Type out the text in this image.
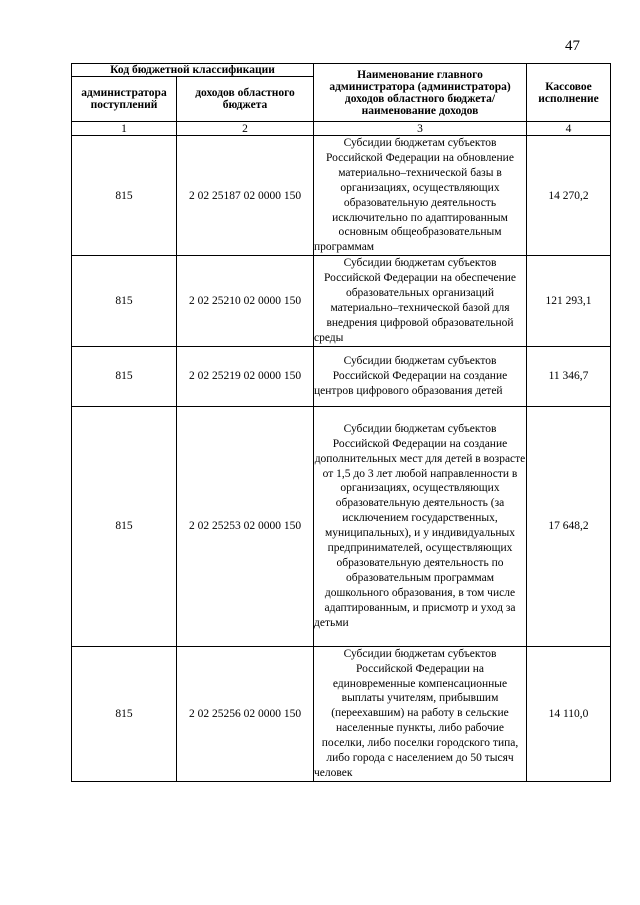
47
Код бюджетной классификации		Наименование главного администратора (администратора) доходов областного бюджета/ наименование доходов	Кассовое исполнение
администратора поступлений	доходов областного бюджета		
1	2	3	4
815	2 02 25187 02 0000 150	Субсидии бюджетам субъектов Российской Федерации на обновление материально–технической базы в организациях, осуществляющих образовательную деятельность исключительно по адаптированным основным общеобразовательным программам	14 270,2
815	2 02 25210 02 0000 150	Субсидии бюджетам субъектов Российской Федерации на обеспечение образовательных организаций материально–технической базой для внедрения цифровой образовательной среды	121 293,1
815	2 02 25219 02 0000 150	Субсидии бюджетам субъектов Российской Федерации на создание центров цифрового образования детей	11 346,7
815	2 02 25253 02 0000 150	Субсидии бюджетам субъектов Российской Федерации на создание дополнительных мест для детей в возрасте от 1,5 до 3 лет любой направленности в организациях, осуществляющих образовательную деятельность (за исключением государственных, муниципальных), и у индивидуальных предпринимателей, осуществляющих образовательную деятельность по образовательным программам дошкольного образования, в том числе адаптированным, и присмотр и уход за детьми	17 648,2
815	2 02 25256 02 0000 150	Субсидии бюджетам субъектов Российской Федерации на единовременные компенсационные выплаты учителям, прибывшим (переехавшим) на работу в сельские населенные пункты, либо рабочие поселки, либо поселки городского типа, либо города с населением до 50 тысяч человек	14 110,0
